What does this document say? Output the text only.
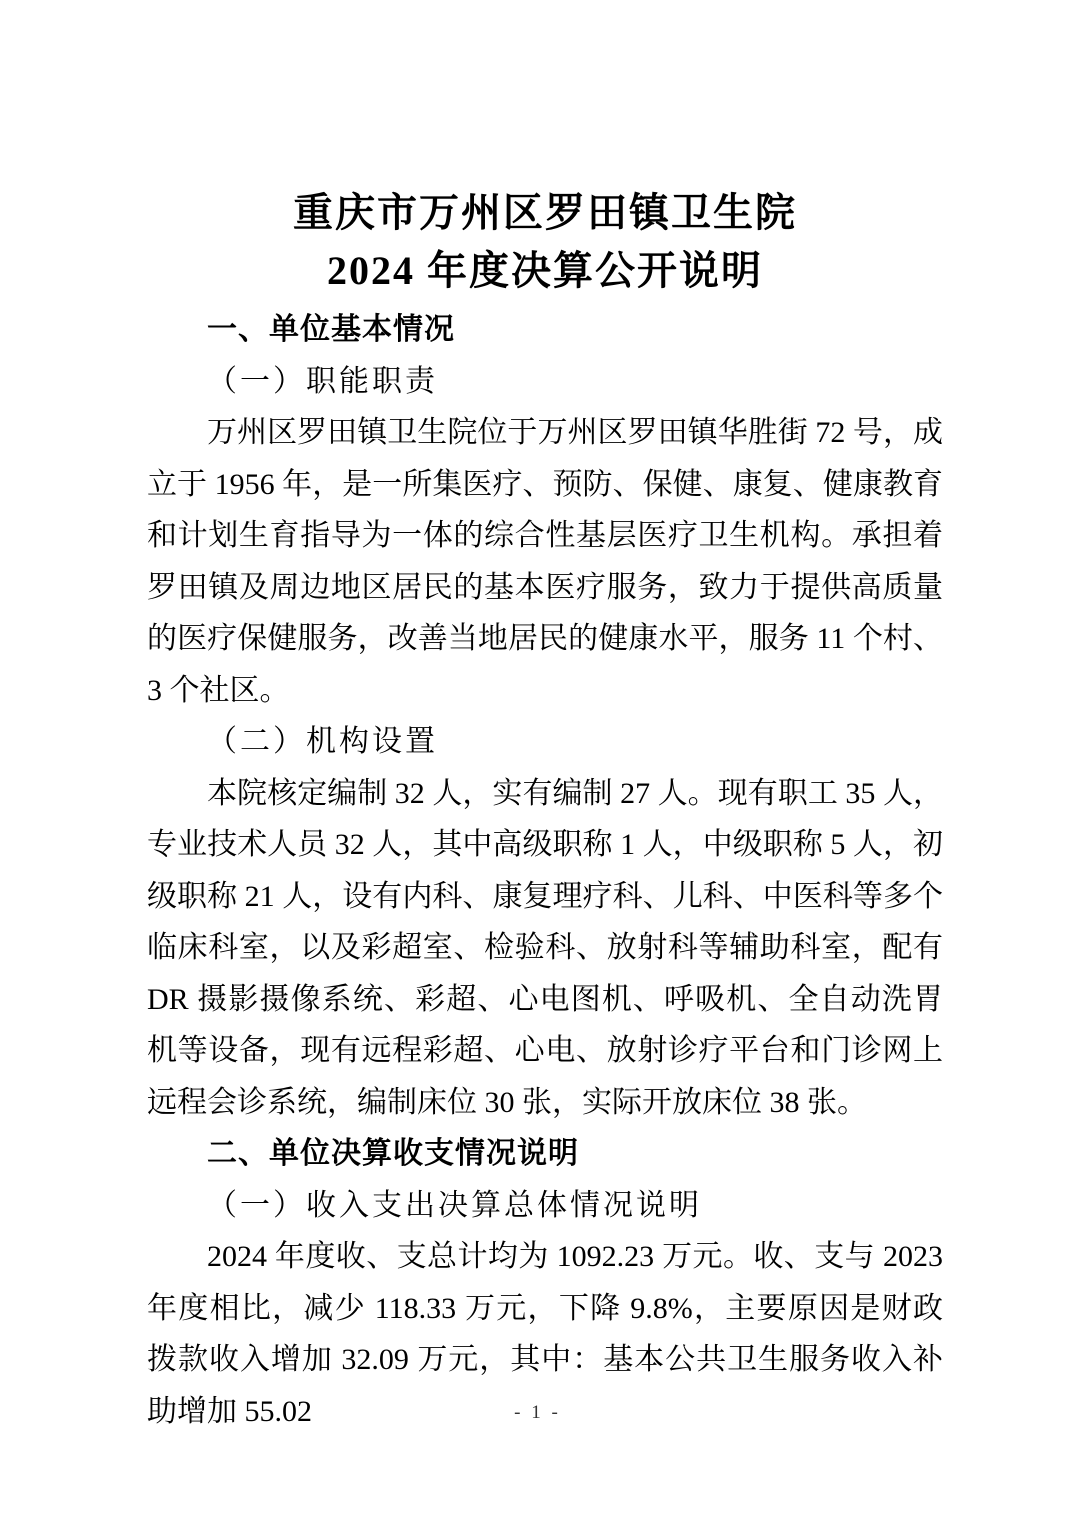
重庆市万州区罗田镇卫生院
2024 年度决算公开说明

一、单位基本情况

（一）职能职责

万州区罗田镇卫生院位于万州区罗田镇华胜街 72 号，成立于 1956 年，是一所集医疗、预防、保健、康复、健康教育和计划生育指导为一体的综合性基层医疗卫生机构。承担着罗田镇及周边地区居民的基本医疗服务，致力于提供高质量的医疗保健服务，改善当地居民的健康水平，服务 11 个村、3 个社区。

（二）机构设置

本院核定编制 32 人，实有编制 27 人。现有职工 35 人，专业技术人员 32 人，其中高级职称 1 人，中级职称 5 人，初级职称 21 人，设有内科、康复理疗科、儿科、中医科等多个临床科室，以及彩超室、检验科、放射科等辅助科室，配有 DR 摄影摄像系统、彩超、心电图机、呼吸机、全自动洗胃机等设备，现有远程彩超、心电、放射诊疗平台和门诊网上远程会诊系统，编制床位 30 张，实际开放床位 38 张。

二、单位决算收支情况说明

（一）收入支出决算总体情况说明

2024 年度收、支总计均为 1092.23 万元。收、支与 2023 年度相比，减少 118.33 万元，下降 9.8%，主要原因是财政拨款收入增加 32.09 万元，其中：基本公共卫生服务收入补助增加 55.02	- 1 -
